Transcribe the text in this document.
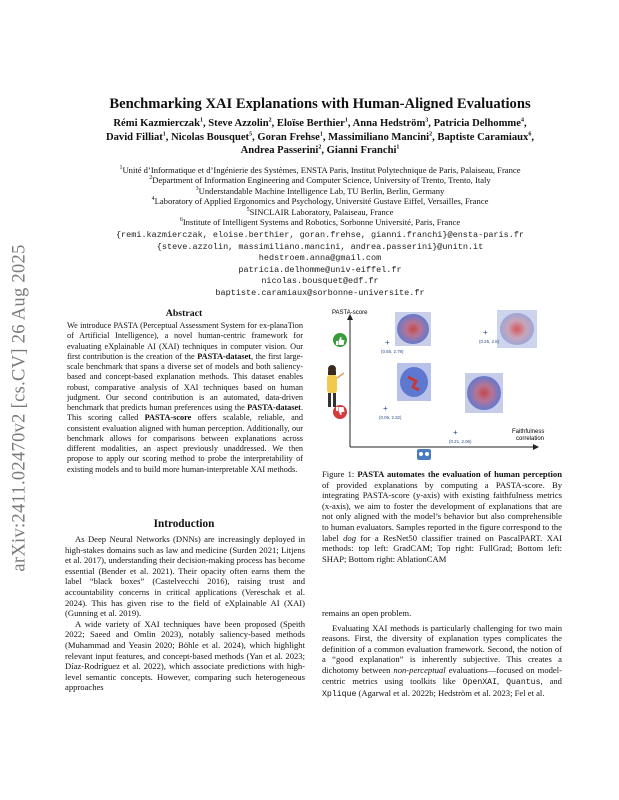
arXiv:2411.02470v2 [cs.CV] 26 Aug 2025
Benchmarking XAI Explanations with Human-Aligned Evaluations
Rémi Kazmierczak$^1$, Steve Azzolin$^2$, Eloïse Berthier$^1$, Anna Hedström$^3$, Patricia Delhomme$^4$,
David Filliat$^1$, Nicolas Bousquet$^5$, Goran Frehse$^1$, Massimiliano Mancini$^2$, Baptiste Caramiaux$^6$,
Andrea Passerini$^2$, Gianni Franchi$^1$
$^1$Unité d’Informatique et d’Ingénierie des Systèmes, ENSTA Paris, Institut Polytechnique de Paris, Palaiseau, France
$^2$Department of Information Engineering and Computer Science, University of Trento, Trento, Italy
$^3$Understandable Machine Intelligence Lab, TU Berlin, Berlin, Germany
$^4$Laboratory of Applied Ergonomics and Psychology, Université Gustave Eiffel, Versailles, France
$^5$SINCLAIR Laboratory, Palaiseau, France
$^6$Institute of Intelligent Systems and Robotics, Sorbonne Université, Paris, France
{remi.kazmierczak, eloise.berthier, goran.frehse, gianni.franchi}@ensta-paris.fr
{steve.azzolin, massimiliano.mancini, andrea.passerini}@unitn.it
hedstroem.anna@gmail.com
patricia.delhomme@univ-eiffel.fr
nicolas.bousquet@edf.fr
baptiste.caramiaux@sorbonne-universite.fr
Abstract
We introduce PASTA (Perceptual Assessment System for ex-planaTion of Artificial Intelligence), a novel human-centric framework for evaluating eXplainable AI (XAI) techniques in computer vision. Our first contribution is the creation of the PASTA-dataset, the first large-scale benchmark that spans a diverse set of models and both saliency-based and concept-based explanation methods. This dataset enables robust, comparative analysis of XAI techniques based on human judgment. Our second contribution is an automated, data-driven benchmark that predicts human preferences using the PASTA-dataset. This scoring called PASTA-score offers scalable, reliable, and consistent evaluation aligned with human perception. Additionally, our benchmark allows for comparisons between explanations across different modalities, an aspect previously unaddressed. We then propose to apply our scoring method to probe the interpretability of existing models and to build more human-interpretable XAI methods.
Introduction

As Deep Neural Networks (DNNs) are increasingly deployed in high-stakes domains such as law and medicine (Surden 2021; Litjens et al. 2017), understanding their decision-making process has become essential (Bender et al. 2021). Their opacity often earns them the label “black boxes” (Castelvecchi 2016), raising trust and accountability concerns in critical applications (Vereschak et al. 2024). This has given rise to the field of eXplainable AI (XAI) (Gunning et al. 2019).

A wide variety of XAI techniques have been proposed (Speith 2022; Saeed and Omlin 2023), notably saliency-based methods (Muhammad and Yeasin 2020; Böhle et al. 2024), which highlight relevant input features, and concept-based methods (Yan et al. 2023; Díaz-Rodríguez et al. 2022), which associate predictions with high-level semantic concepts. However, comparing such heterogeneous approaches

PASTA-score
Faithfulness
correlation
+
(0.55, 2.79)
+
(0.25, 2.6)
+
(0.06, 2.32)
+
(0.21, 2.06)
Figure 1: PASTA automates the evaluation of human perception of provided explanations by computing a PASTA-score. By integrating PASTA-score (y-axis) with existing faithfulness metrics (x-axis), we aim to foster the development of explanations that are not only aligned with the model’s behavior but also comprehensible to human evaluators. Samples reported in the figure correspond to the label dog for a ResNet50 classifier trained on PascalPART. XAI methods: top left: GradCAM; Top right: FullGrad; Bottom left: SHAP; Bottom right: AblationCAM

remains an open problem.

Evaluating XAI methods is particularly challenging for two main reasons. First, the diversity of explanation types complicates the definition of a common evaluation framework. Second, the notion of a “good explanation” is inherently subjective. This creates a dichotomy between non-perceptual evaluations—focused on model-centric metrics using toolkits like OpenXAI, Quantus, and Xplique (Agarwal et al. 2022b; Hedström et al. 2023; Fel et al.
